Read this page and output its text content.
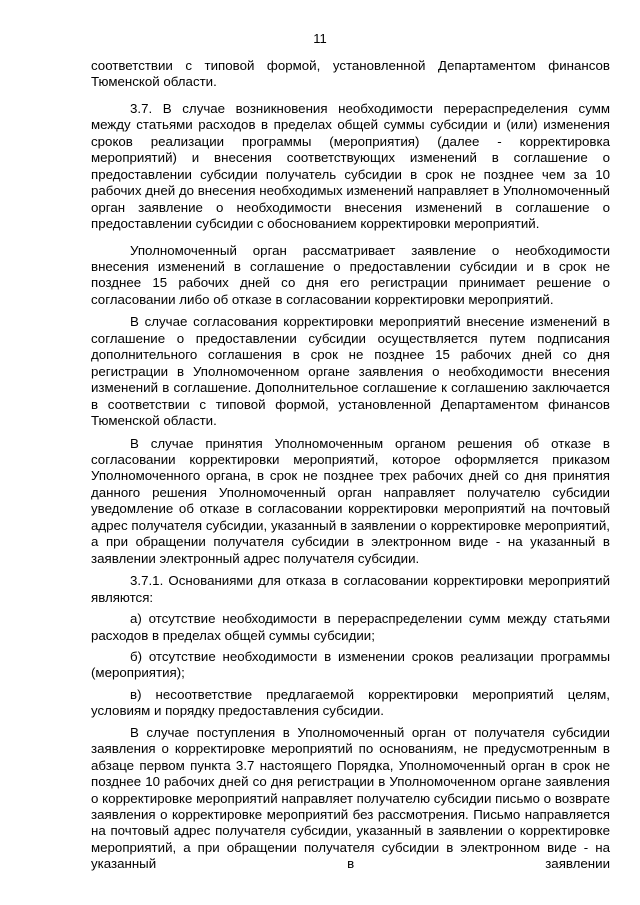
11

соответствии с типовой формой, установленной Департаментом финансов Тюменской области.

3.7. В случае возникновения необходимости перераспределения сумм между статьями расходов в пределах общей суммы субсидии и (или) изменения сроков реализации программы (мероприятия) (далее - корректировка мероприятий) и внесения соответствующих изменений в соглашение о предоставлении субсидии получатель субсидии в срок не позднее чем за 10 рабочих дней до внесения необходимых изменений направляет в Уполномоченный орган заявление о необходимости внесения изменений в соглашение о предоставлении субсидии с обоснованием корректировки мероприятий.

Уполномоченный орган рассматривает заявление о необходимости внесения изменений в соглашение о предоставлении субсидии и в срок не позднее 15 рабочих дней со дня его регистрации принимает решение о согласовании либо об отказе в согласовании корректировки мероприятий.

В случае согласования корректировки мероприятий внесение изменений в соглашение о предоставлении субсидии осуществляется путем подписания дополнительного соглашения в срок не позднее 15 рабочих дней со дня регистрации в Уполномоченном органе заявления о необходимости внесения изменений в соглашение. Дополнительное соглашение к соглашению заключается в соответствии с типовой формой, установленной Департаментом финансов Тюменской области.

В случае принятия Уполномоченным органом решения об отказе в согласовании корректировки мероприятий, которое оформляется приказом Уполномоченного органа, в срок не позднее трех рабочих дней со дня принятия данного решения Уполномоченный орган направляет получателю субсидии уведомление об отказе в согласовании корректировки мероприятий на почтовый адрес получателя субсидии, указанный в заявлении о корректировке мероприятий, а при обращении получателя субсидии в электронном виде - на указанный в заявлении электронный адрес получателя субсидии.

3.7.1. Основаниями для отказа в согласовании корректировки мероприятий являются:

а) отсутствие необходимости в перераспределении сумм между статьями расходов в пределах общей суммы субсидии;

б) отсутствие необходимости в изменении сроков реализации программы (мероприятия);

в) несоответствие предлагаемой корректировки мероприятий целям, условиям и порядку предоставления субсидии.

В случае поступления в Уполномоченный орган от получателя субсидии заявления о корректировке мероприятий по основаниям, не предусмотренным в абзаце первом пункта 3.7 настоящего Порядка, Уполномоченный орган в срок не позднее 10 рабочих дней со дня регистрации в Уполномоченном органе заявления о корректировке мероприятий направляет получателю субсидии письмо о возврате заявления о корректировке мероприятий без рассмотрения. Письмо направляется на почтовый адрес получателя субсидии, указанный в заявлении о корректировке мероприятий, а при обращении получателя субсидии в электронном виде - на указанный в заявлении
